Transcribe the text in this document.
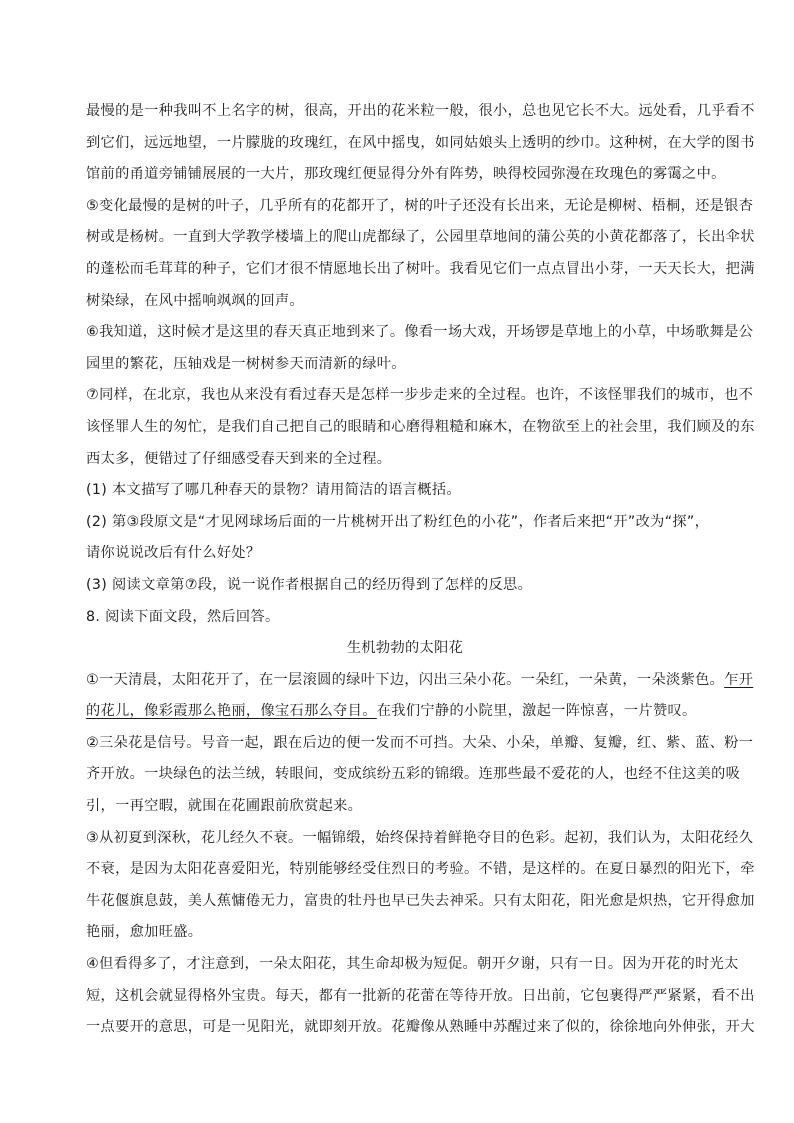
最慢的是一种我叫不上名字的树，很高，开出的花米粒一般，很小，总也见它长不大。远处看，几乎看不
到它们，远远地望，一片朦胧的玫瑰红，在风中摇曳，如同姑娘头上透明的纱巾。这种树，在大学的图书
馆前的甬道旁铺铺展展的一大片，那玫瑰红便显得分外有阵势，映得校园弥漫在玫瑰色的雾霭之中。
⑤变化最慢的是树的叶子，几乎所有的花都开了，树的叶子还没有长出来，无论是柳树、梧桐，还是银杏
树或是杨树。一直到大学教学楼墙上的爬山虎都绿了，公园里草地间的蒲公英的小黄花都落了，长出伞状
的蓬松而毛茸茸的种子，它们才很不情愿地长出了树叶。我看见它们一点点冒出小芽，一天天长大，把满
树染绿，在风中摇响飒飒的回声。
⑥我知道，这时候才是这里的春天真正地到来了。像看一场大戏，开场锣是草地上的小草，中场歌舞是公
园里的繁花，压轴戏是一树树参天而清新的绿叶。
⑦同样，在北京，我也从来没有看过春天是怎样一步步走来的全过程。也许，不该怪罪我们的城市，也不
该怪罪人生的匆忙，是我们自己把自己的眼睛和心磨得粗糙和麻木，在物欲至上的社会里，我们顾及的东
西太多，便错过了仔细感受春天到来的全过程。
(1) 本文描写了哪几种春天的景物？请用简洁的语言概括。
(2) 第③段原文是“才见网球场后面的一片桃树开出了粉红色的小花”，作者后来把“开”改为“探”，
请你说说改后有什么好处？
(3) 阅读文章第⑦段，说一说作者根据自己的经历得到了怎样的反思。
8. 阅读下面文段，然后回答。
生机勃勃的太阳花
①一天清晨，太阳花开了，在一层滚圆的绿叶下边，闪出三朵小花。一朵红，一朵黄，一朵淡紫色。乍开
的花儿，像彩霞那么艳丽，像宝石那么夺目。在我们宁静的小院里，激起一阵惊喜，一片赞叹。
②三朵花是信号。号音一起，跟在后边的便一发而不可挡。大朵、小朵，单瓣、复瓣，红、紫、蓝、粉一
齐开放。一块绿色的法兰绒，转眼间，变成缤纷五彩的锦缎。连那些最不爱花的人，也经不住这美的吸
引，一再空暇，就围在花圃跟前欣赏起来。
③从初夏到深秋，花儿经久不衰。一幅锦缎，始终保持着鲜艳夺目的色彩。起初，我们认为，太阳花经久
不衰，是因为太阳花喜爱阳光，特别能够经受住烈日的考验。不错，是这样的。在夏日暴烈的阳光下，牵
牛花偃旗息鼓，美人蕉慵倦无力，富贵的牡丹也早已失去神采。只有太阳花，阳光愈是炽热，它开得愈加
艳丽，愈加旺盛。
④但看得多了，才注意到，一朵太阳花，其生命却极为短促。朝开夕谢，只有一日。因为开花的时光太
短，这机会就显得格外宝贵。每天，都有一批新的花蕾在等待开放。日出前，它包裹得严严紧紧，看不出
一点要开的意思，可是一见阳光，就即刻开放。花瓣像从熟睡中苏醒过来了似的，徐徐地向外伸张，开大
